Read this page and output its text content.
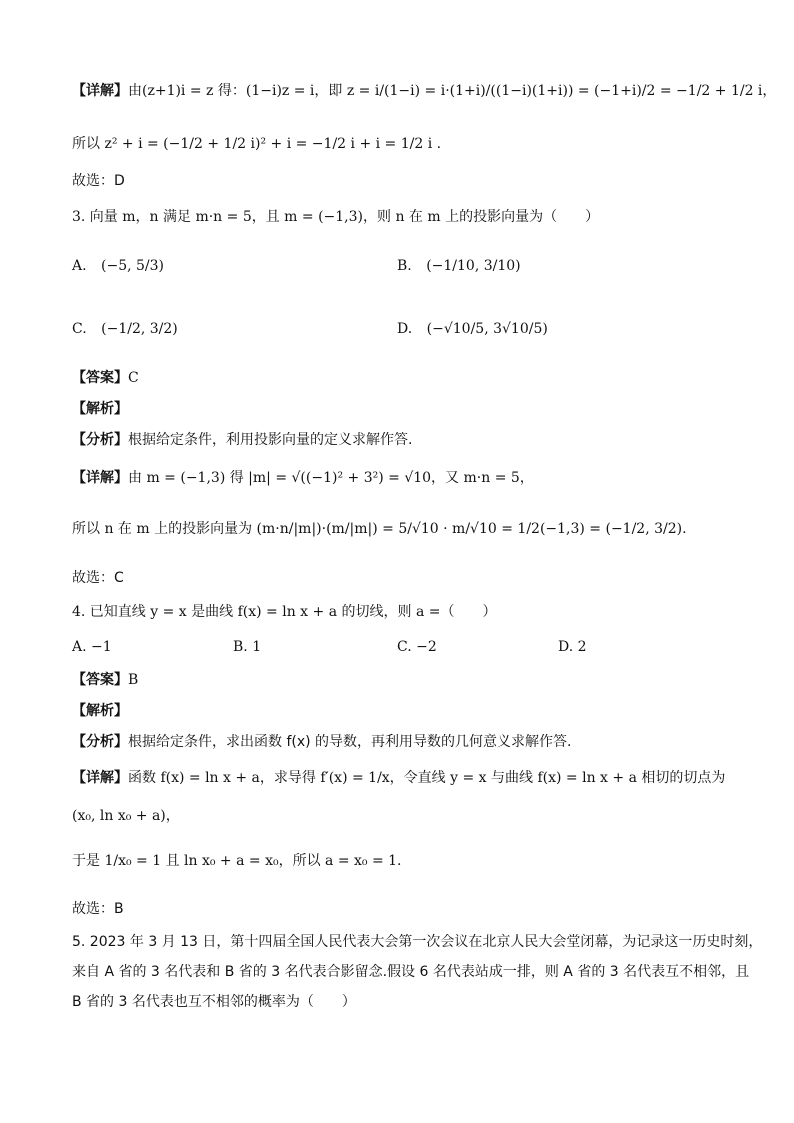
【详解】由(z+1)i = z 得：(1−i)z = i，即 z = i/(1−i) = i·(1+i)/((1−i)(1+i)) = (−1+i)/2 = −1/2 + 1/2 i，
所以 z² + i = (−1/2 + 1/2 i)² + i = −1/2 i + i = 1/2 i .
故选：D
3. 向量 m，n 满足 m·n = 5，且 m = (−1,3)，则 n 在 m 上的投影向量为（　　）
A. (−5, 5/3)	B. (−1/10, 3/10)
C. (−1/2, 3/2)	D. (−√10/5, 3√10/5)
【答案】C
【解析】
【分析】根据给定条件，利用投影向量的定义求解作答.
【详解】由 m = (−1,3) 得 |m| = √((−1)² + 3²) = √10，又 m·n = 5，
所以 n 在 m 上的投影向量为 (m·n/|m|)·(m/|m|) = 5/√10 · m/√10 = 1/2(−1,3) = (−1/2, 3/2).
故选：C
4. 已知直线 y = x 是曲线 f(x) = ln x + a 的切线，则 a =（　　）
A. −1	B. 1	C. −2	D. 2
【答案】B
【解析】
【分析】根据给定条件，求出函数 f(x) 的导数，再利用导数的几何意义求解作答.
【详解】函数 f(x) = ln x + a，求导得 f′(x) = 1/x，令直线 y = x 与曲线 f(x) = ln x + a 相切的切点为
(x₀, ln x₀ + a)，
于是 1/x₀ = 1 且 ln x₀ + a = x₀，所以 a = x₀ = 1.
故选：B
5. 2023 年 3 月 13 日，第十四届全国人民代表大会第一次会议在北京人民大会堂闭幕，为记录这一历史时刻，
来自 A 省的 3 名代表和 B 省的 3 名代表合影留念.假设 6 名代表站成一排，则 A 省的 3 名代表互不相邻，且
B 省的 3 名代表也互不相邻的概率为（　　）
